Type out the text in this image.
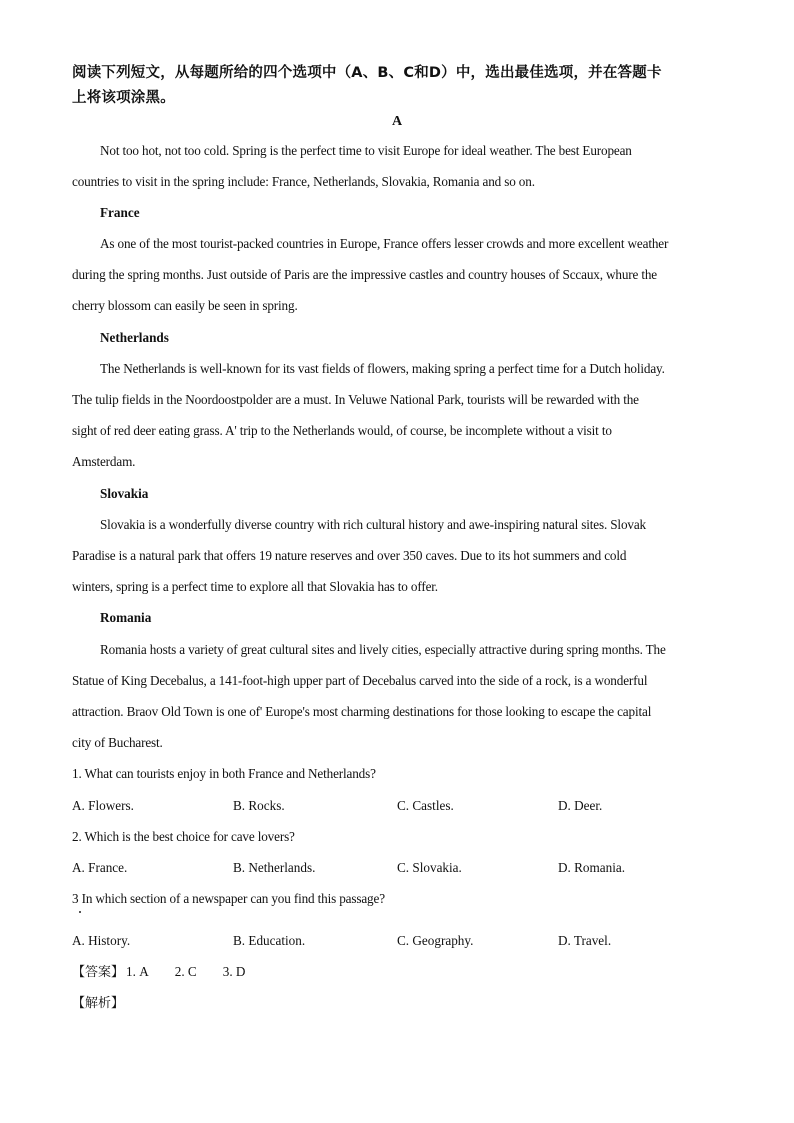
阅读下列短文，从每题所给的四个选项中（A、B、C和D）中，选出最佳选项，并在答题卡
上将该项涂黑。
A
Not too hot, not too cold. Spring is the perfect time to visit Europe for ideal weather. The best European
countries to visit in the spring include: France, Netherlands, Slovakia, Romania and so on.
France
As one of the most tourist-packed countries in Europe, France offers lesser crowds and more excellent weather
during the spring months. Just outside of Paris are the impressive castles and country houses of Sccaux, whure the
cherry blossom can easily be seen in spring.
Netherlands
The Netherlands is well-known for its vast fields of flowers, making spring a perfect time for a Dutch holiday.
The tulip fields in the Noordoostpolder are a must. In Veluwe National Park, tourists will be rewarded with the
sight of red deer eating grass. A' trip to the Netherlands would, of course, be incomplete without a visit to
Amsterdam.
Slovakia
Slovakia is a wonderfully diverse country with rich cultural history and awe-inspiring natural sites. Slovak
Paradise is a natural park that offers 19 nature reserves and over 350 caves. Due to its hot summers and cold
winters, spring is a perfect time to explore all that Slovakia has to offer.
Romania
Romania hosts a variety of great cultural sites and lively cities, especially attractive during spring months. The
Statue of King Decebalus, a 141-foot-high upper part of Decebalus carved into the side of a rock, is a wonderful
attraction. Braov Old Town is one of' Europe's most charming destinations for those looking to escape the capital
city of Bucharest.
1. What can tourists enjoy in both France and Netherlands?
A. Flowers.	B. Rocks.	C. Castles.	D. Deer.
2. Which is the best choice for cave lovers?
A. France.	B. Netherlands.	C. Slovakia.	D. Romania.
3 In which section of a newspaper can you find this passage?
A. History.	B. Education.	C. Geography.	D. Travel.
【答案】 1. A 2. C 3. D
【解析】
